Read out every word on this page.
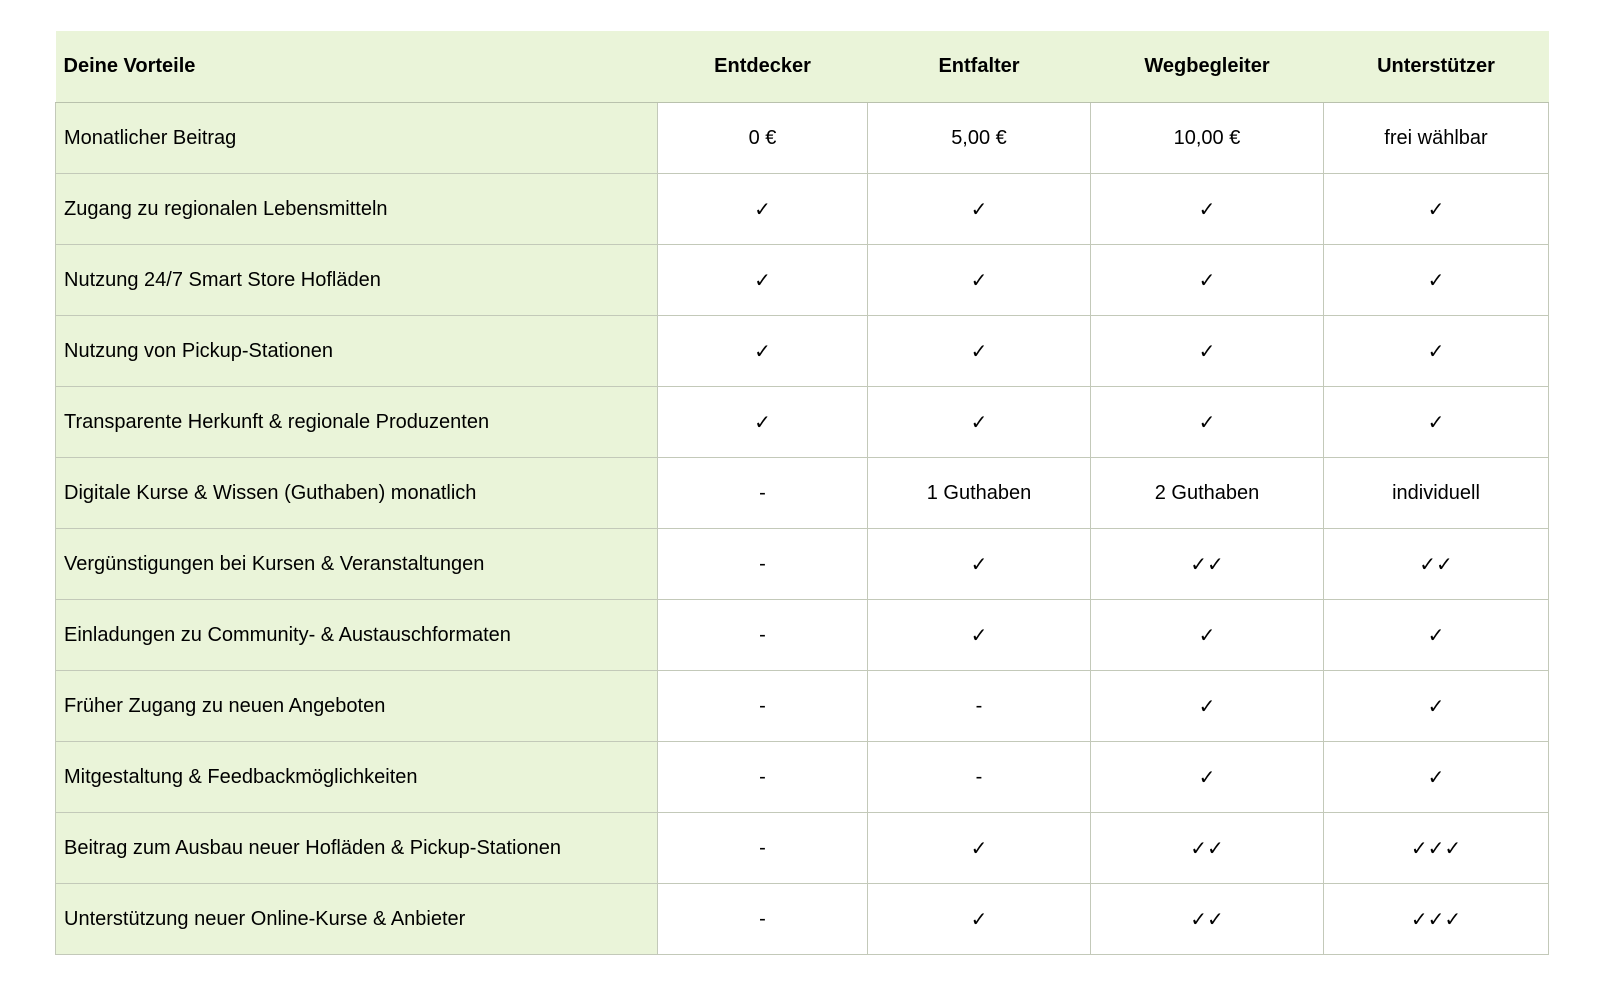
Deine Vorteile	Entdecker	Entfalter	Wegbegleiter	Unterstützer
Monatlicher Beitrag	0 €	5,00 €	10,00 €	frei wählbar
Zugang zu regionalen Lebensmitteln	✓	✓	✓	✓
Nutzung 24/7 Smart Store Hofläden	✓	✓	✓	✓
Nutzung von Pickup-Stationen	✓	✓	✓	✓
Transparente Herkunft & regionale Produzenten	✓	✓	✓	✓
Digitale Kurse & Wissen (Guthaben) monatlich	-	1 Guthaben	2 Guthaben	individuell
Vergünstigungen bei Kursen & Veranstaltungen	-	✓	✓✓	✓✓
Einladungen zu Community- & Austauschformaten	-	✓	✓	✓
Früher Zugang zu neuen Angeboten	-	-	✓	✓
Mitgestaltung & Feedbackmöglichkeiten	-	-	✓	✓
Beitrag zum Ausbau neuer Hofläden & Pickup-Stationen	-	✓	✓✓	✓✓✓
Unterstützung neuer Online-Kurse & Anbieter	-	✓	✓✓	✓✓✓
